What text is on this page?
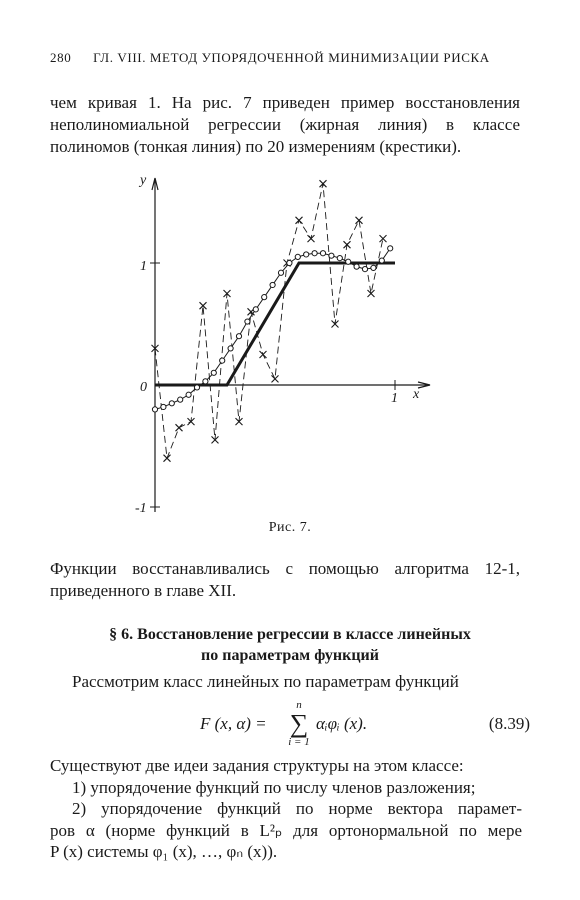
280 ГЛ. VIII. МЕТОД УПОРЯДОЧЕННОЙ МИНИМИЗАЦИИ РИСКА
чем кривая 1. На рис. 7 приведен пример восстановления неполиномиальной регрессии (жирная линия) в классе полиномов (тонкая линия) по 20 измерениям (крестики).
y
x
1
0
-1
1
Рис. 7.
Функции восстанавливались с помощью алгоритма 12-1, приведенного в главе XII.
§ 6. Восстановление регрессии в классе линейных
по параметрам функций
Рассмотрим класс линейных по параметрам функций
F (x, α) =
n
∑
i = 1
αᵢφᵢ (x).	(8.39)
Существуют две идеи задания структуры на этом классе:
1) упорядочение функций по числу членов разложения;
2) упорядочение функций по норме вектора парамет-
ров α (норме функций в L²ₚ для ортонормальной по мере
P (x) системы φ₁ (x), …, φₙ (x)).
